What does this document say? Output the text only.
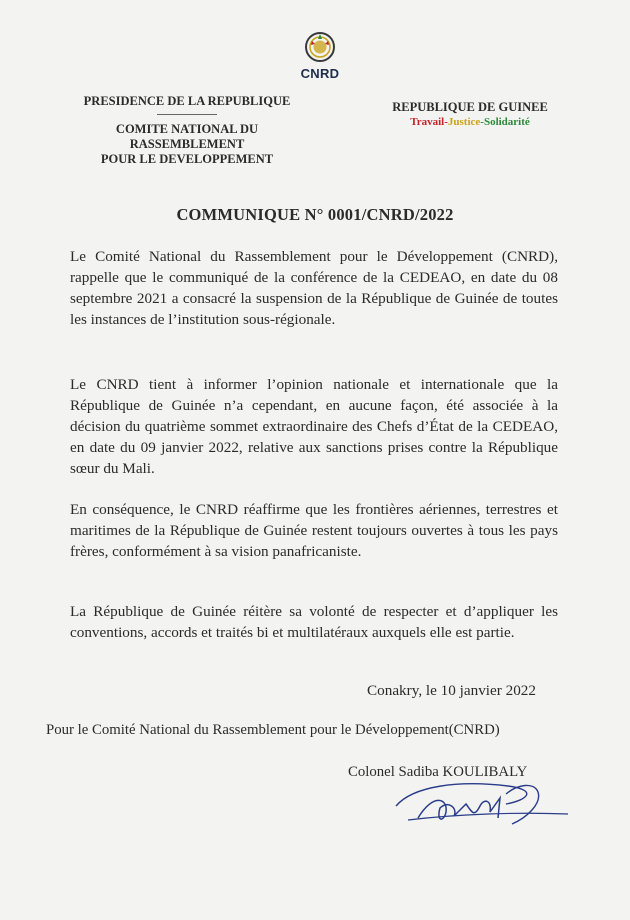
CNRD
PRESIDENCE DE LA REPUBLIQUE
COMITE NATIONAL DU
RASSEMBLEMENT
POUR LE DEVELOPPEMENT
REPUBLIQUE DE GUINEE
Travail-Justice-Solidarité
COMMUNIQUE N° 0001/CNRD/2022
Le Comité National du Rassemblement pour le Développement (CNRD), rappelle que le communiqué de la conférence de la CEDEAO, en date du 08 septembre 2021 a consacré la suspension de la République de Guinée de toutes les instances de l’institution sous-régionale.
Le CNRD tient à informer l’opinion nationale et internationale que la République de Guinée n’a cependant, en aucune façon, été associée à la décision du quatrième sommet extraordinaire des Chefs d’État de la CEDEAO, en date du 09 janvier 2022, relative aux sanctions prises contre la République sœur du Mali.
En conséquence, le CNRD réaffirme que les frontières aériennes, terrestres et maritimes de la République de Guinée restent toujours ouvertes à tous les pays frères, conformément à sa vision panafricaniste.
La République de Guinée réitère sa volonté de respecter et d’appliquer les conventions, accords et traités bi et multilatéraux auxquels elle est partie.
Conakry, le 10 janvier 2022
Pour le Comité National du Rassemblement pour le Développement(CNRD)
Colonel Sadiba KOULIBALY
